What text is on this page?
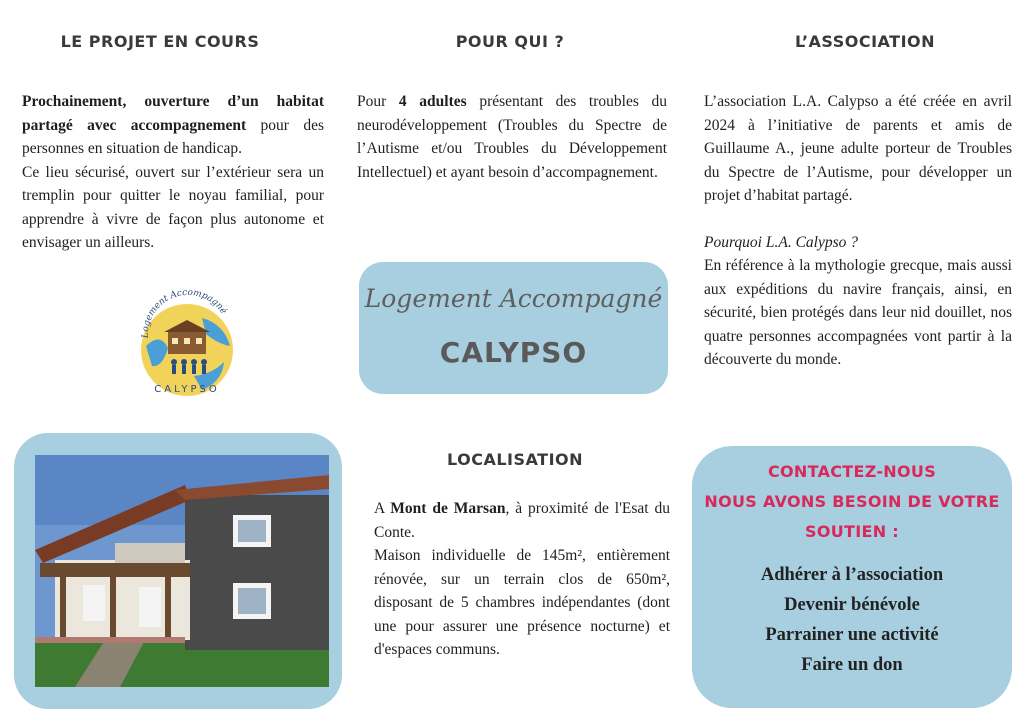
LE PROJET EN COURS	POUR QUI ?	L’ASSOCIATION

Prochainement, ouverture d’un habitat partagé avec accompagnement pour des personnes en situation de handicap.

Ce lieu sécurisé, ouvert sur l’extérieur sera un tremplin pour quitter le noyau familial, pour apprendre à vivre de façon plus autonome et envisager un ailleurs.

Pour 4 adultes présentant des troubles du neurodéveloppement (Troubles du Spectre de l’Autisme et/ou Troubles du Développement Intellectuel) et ayant besoin d’accompagnement.

L’association L.A. Calypso a été créée en avril 2024 à l’initiative de parents et amis de Guillaume A., jeune adulte porteur de Troubles du Spectre de l’Autisme, pour développer un projet d’habitat partagé.

Pourquoi L.A. Calypso ?

En référence à la mythologie grecque, mais aussi aux expéditions du navire français, ainsi, en sécurité, bien protégés dans leur nid douillet, nos quatre personnes accompagnées vont partir à la découverte du monde.

Logement Accompagné
CALYPSO
Logement Accompagné
CALYPSO
LOCALISATION

A Mont de Marsan, à proximité de l'Esat du Conte.

Maison individuelle de 145m², entièrement rénovée, sur un terrain clos de 650m², disposant de 5 chambres indépendantes (dont une pour assurer une présence nocturne) et d'espaces communs.

CONTACTEZ-NOUS
NOUS AVONS BESOIN DE VOTRE
SOUTIEN :
Adhérer à l’association
Devenir bénévole
Parrainer une activité
Faire un don
